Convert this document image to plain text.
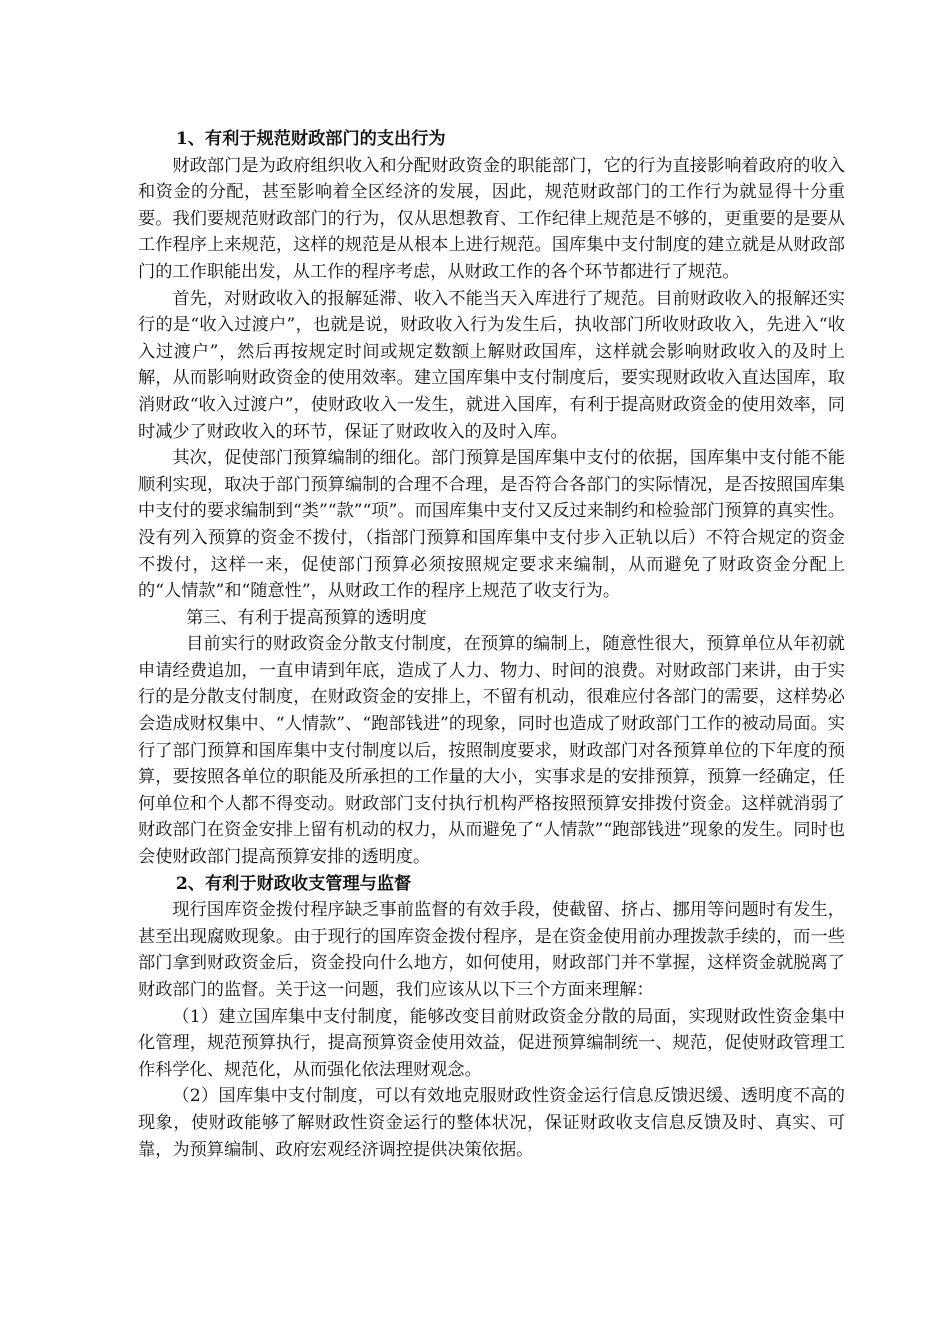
1、有利于规范财政部门的支出行为

财政部门是为政府组织收入和分配财政资金的职能部门，它的行为直接影响着政府的收入和资金的分配，甚至影响着全区经济的发展，因此，规范财政部门的工作行为就显得十分重要。我们要规范财政部门的行为，仅从思想教育、工作纪律上规范是不够的，更重要的是要从工作程序上来规范，这样的规范是从根本上进行规范。国库集中支付制度的建立就是从财政部门的工作职能出发，从工作的程序考虑，从财政工作的各个环节都进行了规范。

首先，对财政收入的报解延滞、收入不能当天入库进行了规范。目前财政收入的报解还实行的是“收入过渡户”，也就是说，财政收入行为发生后，执收部门所收财政收入，先进入“收入过渡户”，然后再按规定时间或规定数额上解财政国库，这样就会影响财政收入的及时上解，从而影响财政资金的使用效率。建立国库集中支付制度后，要实现财政收入直达国库，取消财政“收入过渡户”，使财政收入一发生，就进入国库，有利于提高财政资金的使用效率，同时减少了财政收入的环节，保证了财政收入的及时入库。

其次，促使部门预算编制的细化。部门预算是国库集中支付的依据，国库集中支付能不能顺利实现，取决于部门预算编制的合理不合理，是否符合各部门的实际情况，是否按照国库集中支付的要求编制到“类”“款”“项”。而国库集中支付又反过来制约和检验部门预算的真实性。没有列入预算的资金不拨付，（指部门预算和国库集中支付步入正轨以后）不符合规定的资金不拨付，这样一来，促使部门预算必须按照规定要求来编制，从而避免了财政资金分配上的“人情款”和“随意性”，从财政工作的程序上规范了收支行为。

第三、有利于提高预算的透明度

目前实行的财政资金分散支付制度，在预算的编制上，随意性很大，预算单位从年初就申请经费追加，一直申请到年底，造成了人力、物力、时间的浪费。对财政部门来讲，由于实行的是分散支付制度，在财政资金的安排上，不留有机动，很难应付各部门的需要，这样势必会造成财权集中、“人情款”、“跑部钱进”的现象，同时也造成了财政部门工作的被动局面。实行了部门预算和国库集中支付制度以后，按照制度要求，财政部门对各预算单位的下年度的预算，要按照各单位的职能及所承担的工作量的大小，实事求是的安排预算，预算一经确定，任何单位和个人都不得变动。财政部门支付执行机构严格按照预算安排拨付资金。这样就消弱了财政部门在资金安排上留有机动的权力，从而避免了“人情款”“跑部钱进”现象的发生。同时也会使财政部门提高预算安排的透明度。

2、有利于财政收支管理与监督

现行国库资金拨付程序缺乏事前监督的有效手段，使截留、挤占、挪用等问题时有发生，甚至出现腐败现象。由于现行的国库资金拨付程序，是在资金使用前办理拨款手续的，而一些部门拿到财政资金后，资金投向什么地方，如何使用，财政部门并不掌握，这样资金就脱离了财政部门的监督。关于这一问题，我们应该从以下三个方面来理解：

（1）建立国库集中支付制度，能够改变目前财政资金分散的局面，实现财政性资金集中化管理，规范预算执行，提高预算资金使用效益，促进预算编制统一、规范，促使财政管理工作科学化、规范化，从而强化依法理财观念。

（2）国库集中支付制度，可以有效地克服财政性资金运行信息反馈迟缓、透明度不高的现象，使财政能够了解财政性资金运行的整体状况，保证财政收支信息反馈及时、真实、可靠，为预算编制、政府宏观经济调控提供决策依据。
